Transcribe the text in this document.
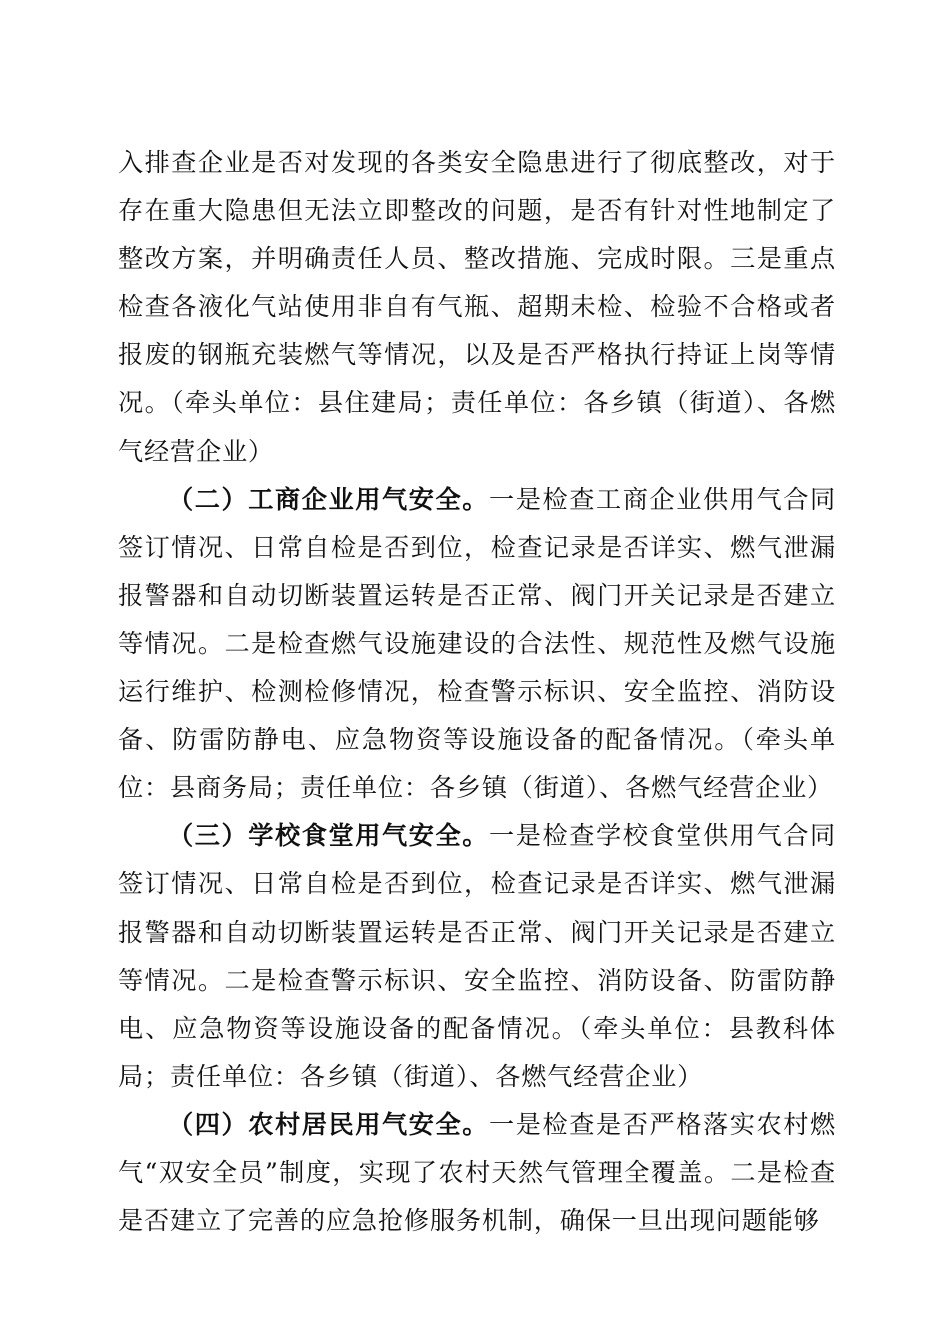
入排查企业是否对发现的各类安全隐患进行了彻底整改，对于存在重大隐患但无法立即整改的问题，是否有针对性地制定了整改方案，并明确责任人员、整改措施、完成时限。三是重点检查各液化气站使用非自有气瓶、超期未检、检验不合格或者报废的钢瓶充装燃气等情况，以及是否严格执行持证上岗等情况。（牵头单位：县住建局；责任单位：各乡镇（街道）、各燃气经营企业）

（二）工商企业用气安全。一是检查工商企业供用气合同签订情况、日常自检是否到位，检查记录是否详实、燃气泄漏报警器和自动切断装置运转是否正常、阀门开关记录是否建立等情况。二是检查燃气设施建设的合法性、规范性及燃气设施运行维护、检测检修情况，检查警示标识、安全监控、消防设备、防雷防静电、应急物资等设施设备的配备情况。（牵头单位：县商务局；责任单位：各乡镇（街道）、各燃气经营企业）

（三）学校食堂用气安全。一是检查学校食堂供用气合同签订情况、日常自检是否到位，检查记录是否详实、燃气泄漏报警器和自动切断装置运转是否正常、阀门开关记录是否建立等情况。二是检查警示标识、安全监控、消防设备、防雷防静电、应急物资等设施设备的配备情况。（牵头单位：县教科体局；责任单位：各乡镇（街道）、各燃气经营企业）

（四）农村居民用气安全。一是检查是否严格落实农村燃气“双安全员”制度，实现了农村天然气管理全覆盖。二是检查是否建立了完善的应急抢修服务机制，确保一旦出现问题能够
